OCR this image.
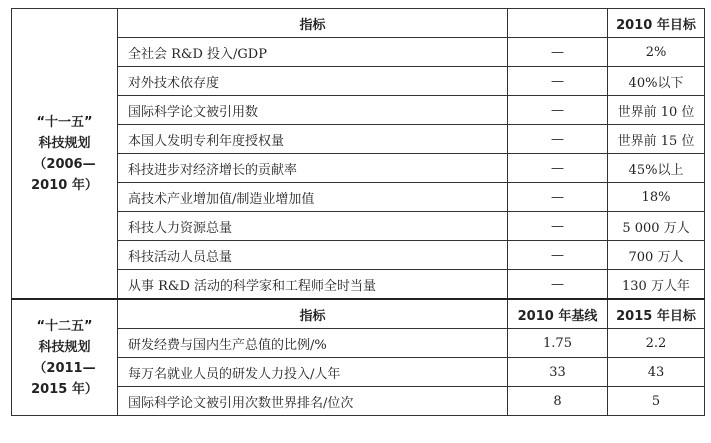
“十一五”
科技规划
（2006—
2010 年）	指标		2010 年目标
	全社会 R&D 投入/GDP	—	2%
	对外技术依存度	—	40%以下
	国际科学论文被引用数	—	世界前 10 位
	本国人发明专利年度授权量	—	世界前 15 位
	科技进步对经济增长的贡献率	—	45%以上
	高技术产业增加值/制造业增加值	—	18%
	科技人力资源总量	—	5 000 万人
	科技活动人员总量	—	700 万人
	从事 R&D 活动的科学家和工程师全时当量	—	130 万人年

“十二五”
科技规划
（2011—
2015 年）	指标	2010 年基线	2015 年目标
	研发经费与国内生产总值的比例/%	1.75	2.2
	每万名就业人员的研发人力投入/人年	33	43
	国际科学论文被引用次数世界排名/位次	8	5
